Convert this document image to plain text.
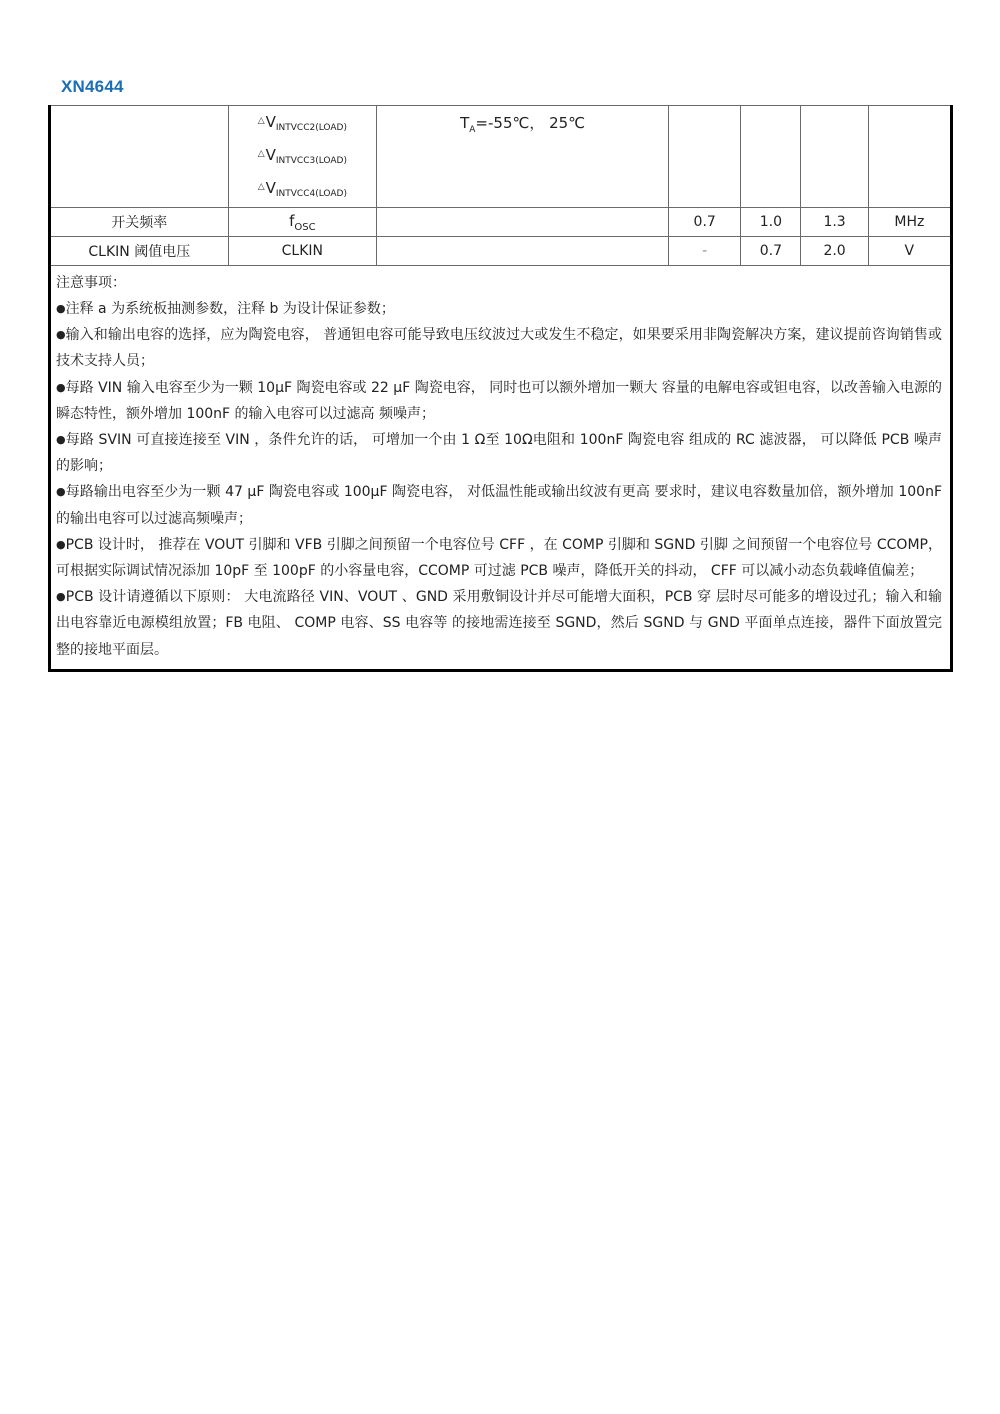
XN4644

	$^\triangle V_{INTVCC2(LOAD)}$
$^\triangle V_{INTVCC3(LOAD)}$
$^\triangle V_{INTVCC4(LOAD)}$	$T_A=-55℃$， 25℃				
开关频率	$f_{OSC}$		0.7	1.0	1.3	MHz
CLKIN 阈值电压	CLKIN		-	0.7	2.0	V

注意事项：
●注释 a 为系统板抽测参数，注释 b 为设计保证参数；
●输入和输出电容的选择，应为陶瓷电容， 普通钽电容可能导致电压纹波过大或发生不稳定，如果要采用非陶瓷解决方案，建议提前咨询销售或技术支持人员；
●每路 VIN 输入电容至少为一颗 10μF 陶瓷电容或 22 μF 陶瓷电容， 同时也可以额外增加一颗大 容量的电解电容或钽电容，以改善输入电源的瞬态特性，额外增加 100nF 的输入电容可以过滤高 频噪声；
●每路 SVIN 可直接连接至 VIN ，条件允许的话， 可增加一个由 1 Ω至 10Ω电阻和 100nF 陶瓷电容 组成的 RC 滤波器， 可以降低 PCB 噪声的影响；
●每路输出电容至少为一颗 47 μF 陶瓷电容或 100μF 陶瓷电容， 对低温性能或输出纹波有更高 要求时，建议电容数量加倍，额外增加 100nF 的输出电容可以过滤高频噪声；
●PCB 设计时， 推荐在 VOUT 引脚和 VFB 引脚之间预留一个电容位号 CFF ，在 COMP 引脚和 SGND 引脚 之间预留一个电容位号 CCOMP，可根据实际调试情况添加 10pF 至 100pF 的小容量电容，CCOMP 可过滤 PCB 噪声，降低开关的抖动， CFF 可以减小动态负载峰值偏差；
●PCB 设计请遵循以下原则： 大电流路径 VIN、VOUT 、GND 采用敷铜设计并尽可能增大面积，PCB 穿 层时尽可能多的增设过孔；输入和输出电容靠近电源模组放置；FB 电阻、 COMP 电容、SS 电容等 的接地需连接至 SGND，然后 SGND 与 GND 平面单点连接，器件下面放置完整的接地平面层。
